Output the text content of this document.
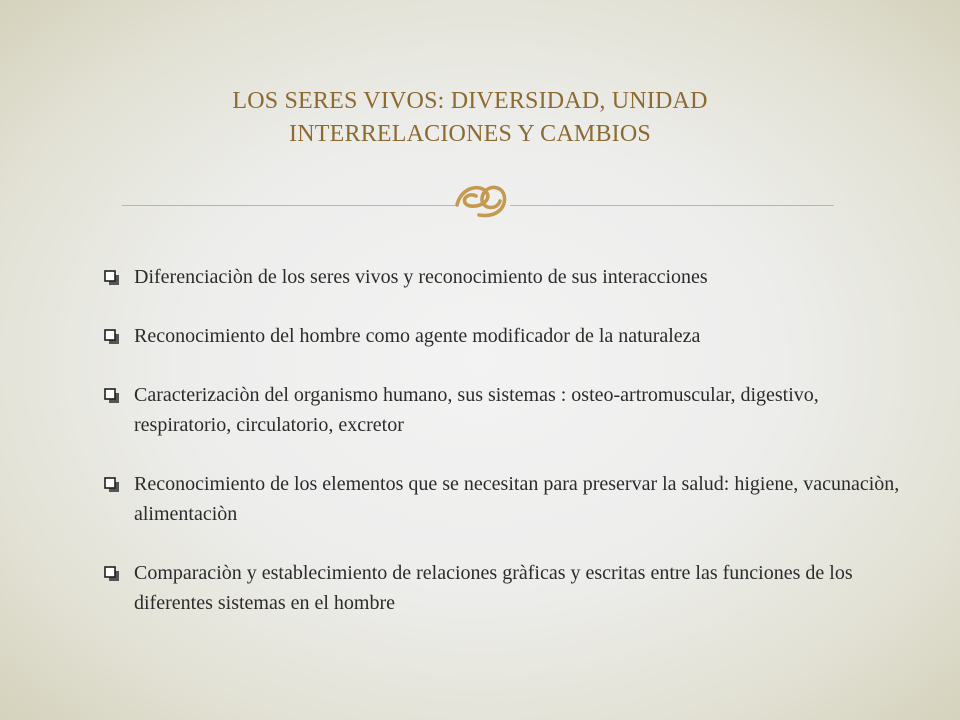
LOS SERES VIVOS: DIVERSIDAD, UNIDAD
INTERRELACIONES Y CAMBIOS
Diferenciaciòn de los seres vivos y reconocimiento de sus interacciones
Reconocimiento del hombre como agente modificador de la naturaleza
Caracterizaciòn del organismo humano, sus sistemas : osteo-artromuscular, digestivo, respiratorio, circulatorio, excretor
Reconocimiento de los elementos que se necesitan para preservar la salud: higiene, vacunaciòn, alimentaciòn
Comparaciòn y establecimiento de relaciones gràficas y escritas entre las funciones de los diferentes sistemas en el hombre
